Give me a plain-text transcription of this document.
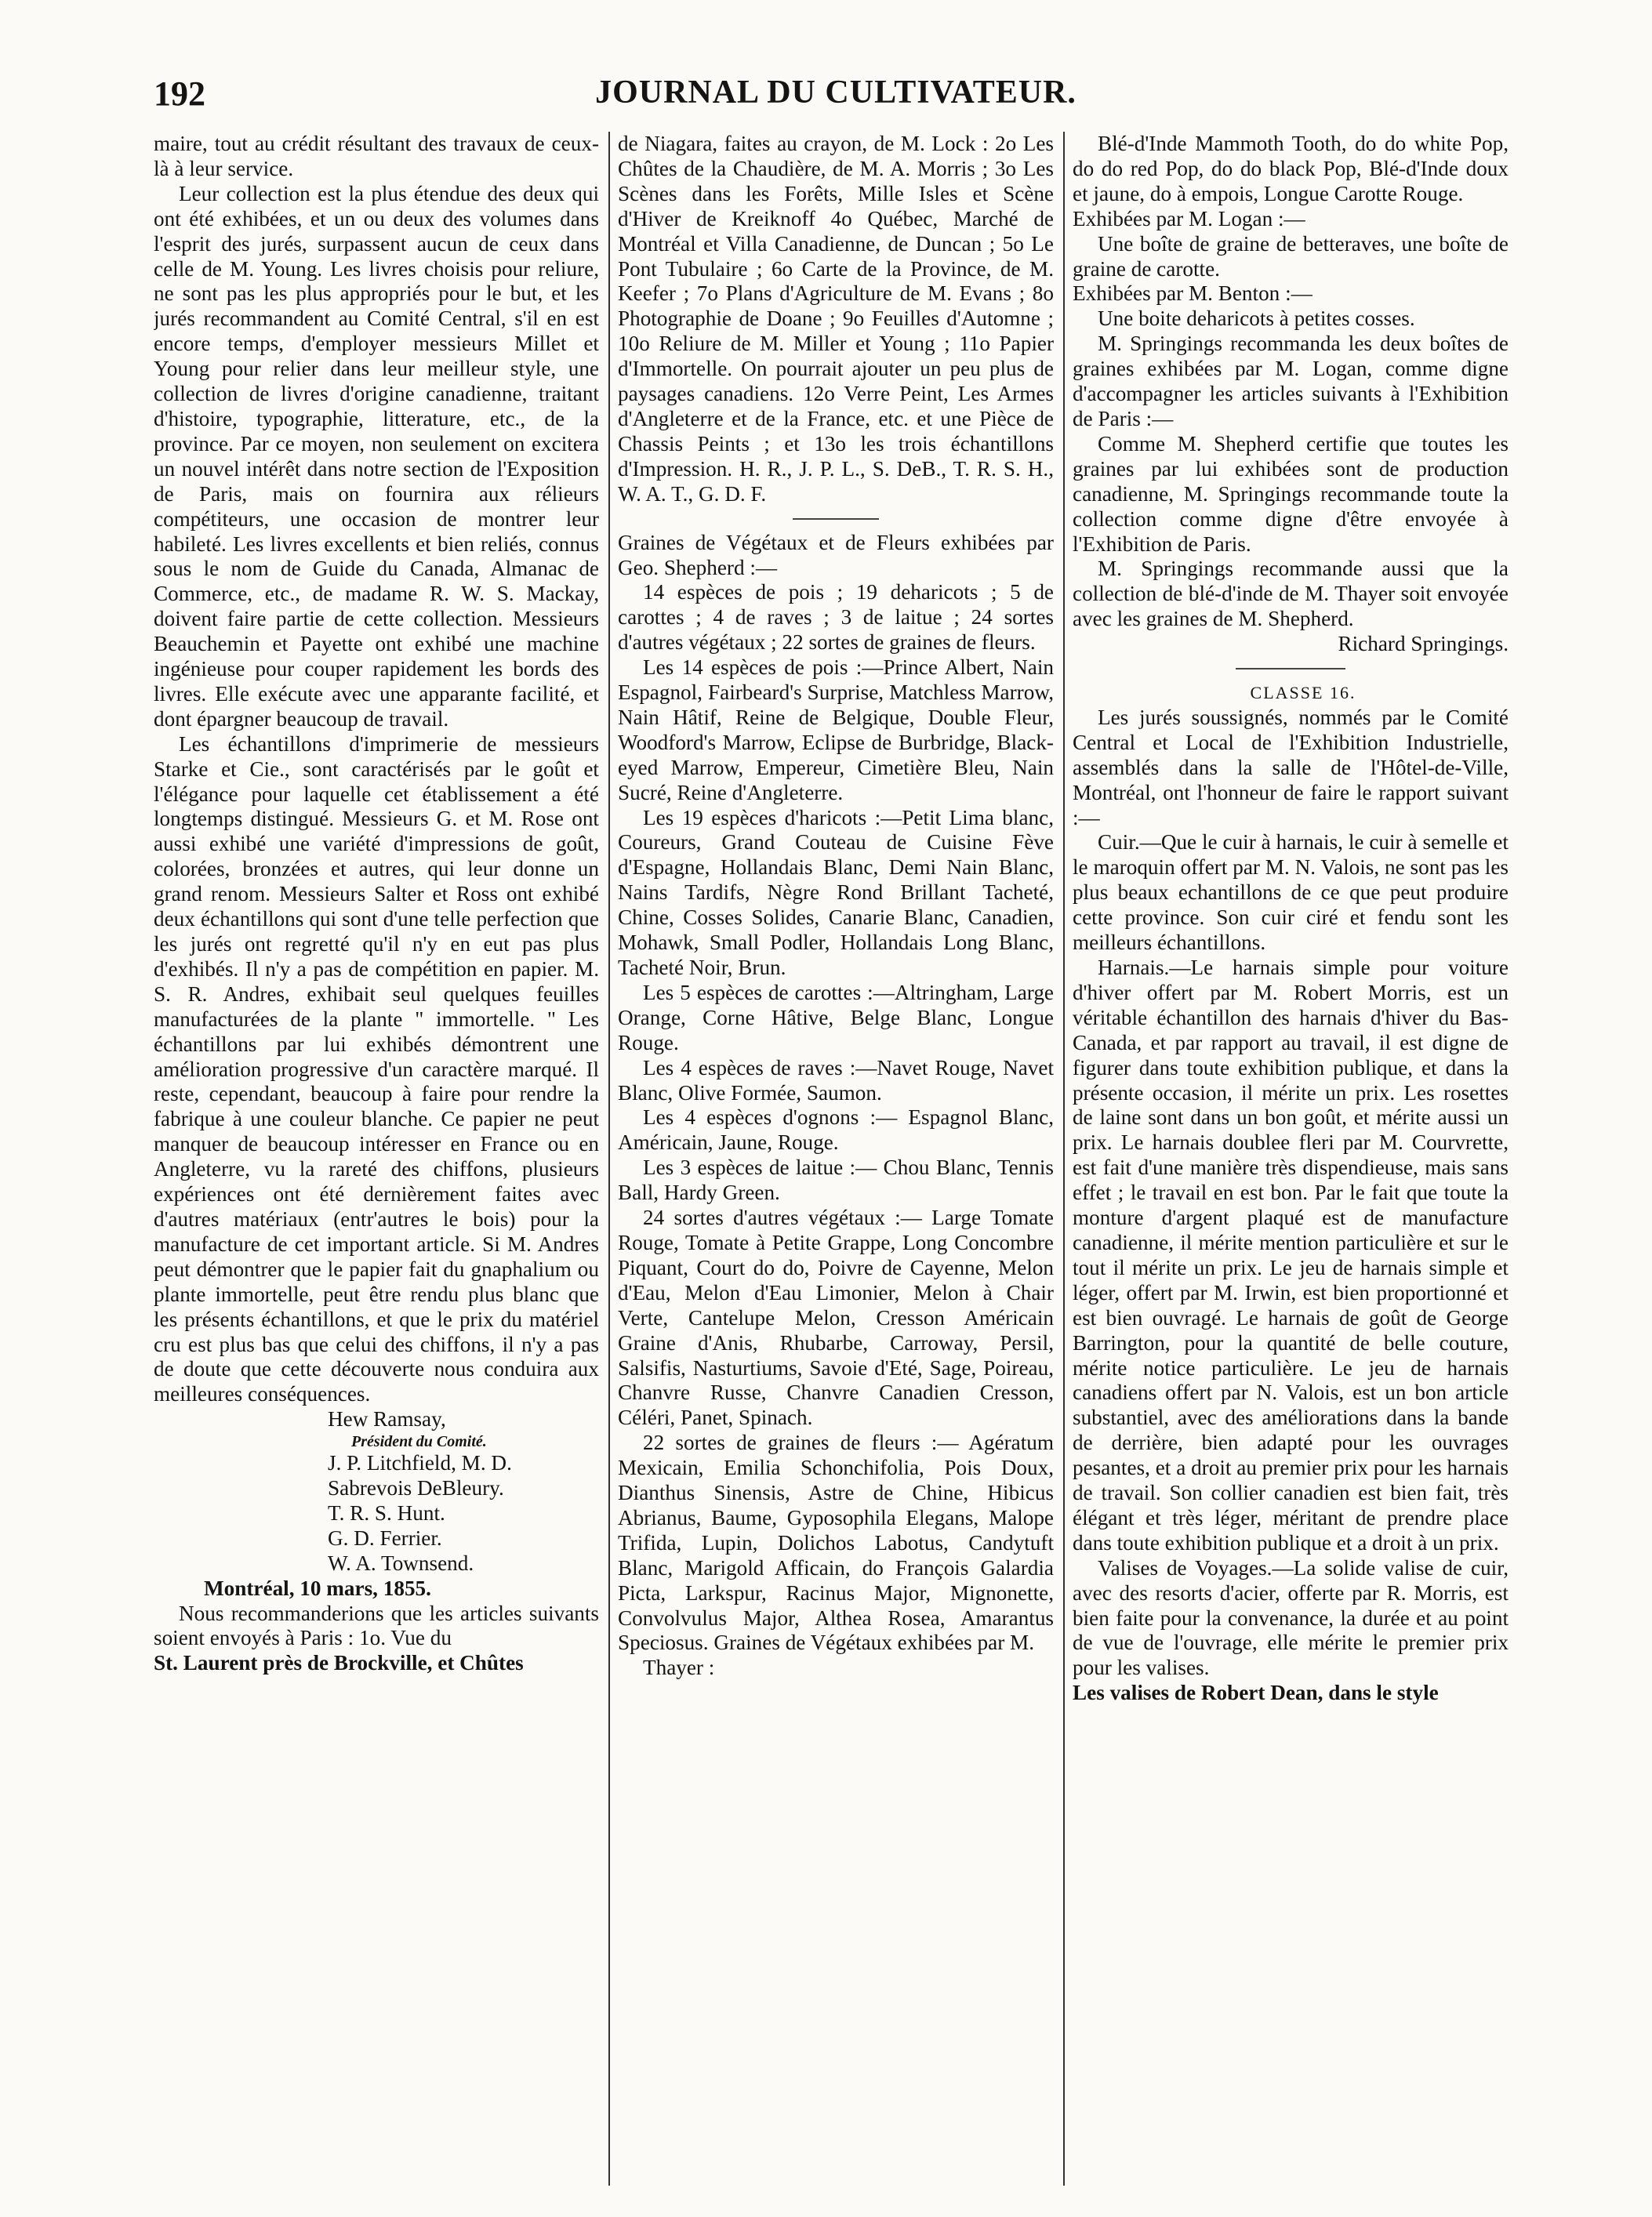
192	JOURNAL DU CULTIVATEUR.

maire, tout au crédit résultant des travaux de ceux-là à leur service.

Leur collection est la plus étendue des deux qui ont été exhibées, et un ou deux des volumes dans l'esprit des jurés, surpassent aucun de ceux dans celle de M. Young. Les livres choisis pour reliure, ne sont pas les plus appropriés pour le but, et les jurés recommandent au Comité Central, s'il en est encore temps, d'employer messieurs Millet et Young pour relier dans leur meilleur style, une collection de livres d'origine canadienne, traitant d'histoire, typographie, litterature, etc., de la province. Par ce moyen, non seulement on excitera un nouvel intérêt dans notre section de l'Exposition de Paris, mais on fournira aux rélieurs compétiteurs, une occasion de montrer leur habileté. Les livres excellents et bien reliés, connus sous le nom de Guide du Canada, Almanac de Commerce, etc., de madame R. W. S. Mackay, doivent faire partie de cette collection. Messieurs Beauchemin et Payette ont exhibé une machine ingénieuse pour couper rapidement les bords des livres. Elle exécute avec une apparante facilité, et dont épargner beaucoup de travail.

Les échantillons d'imprimerie de messieurs Starke et Cie., sont caractérisés par le goût et l'élégance pour laquelle cet établissement a été longtemps distingué. Messieurs G. et M. Rose ont aussi exhibé une variété d'impressions de goût, colorées, bronzées et autres, qui leur donne un grand renom. Messieurs Salter et Ross ont exhibé deux échantillons qui sont d'une telle perfection que les jurés ont regretté qu'il n'y en eut pas plus d'exhibés. Il n'y a pas de compétition en papier. M. S. R. Andres, exhibait seul quelques feuilles manufacturées de la plante " immortelle. " Les échantillons par lui exhibés démontrent une amélioration progressive d'un caractère marqué. Il reste, cependant, beaucoup à faire pour rendre la fabrique à une couleur blanche. Ce papier ne peut manquer de beaucoup intéresser en France ou en Angleterre, vu la rareté des chiffons, plusieurs expériences ont été dernièrement faites avec d'autres matériaux (entr'autres le bois) pour la manufacture de cet important article. Si M. Andres peut démontrer que le papier fait du gnaphalium ou plante immortelle, peut être rendu plus blanc que les présents échantillons, et que le prix du matériel cru est plus bas que celui des chiffons, il n'y a pas de doute que cette découverte nous conduira aux meilleures conséquences.

Hew Ramsay,

Président du Comité.

J. P. Litchfield, M. D.

Sabrevois DeBleury.

T. R. S. Hunt.

G. D. Ferrier.

W. A. Townsend.

Montréal, 10 mars, 1855.

Nous recommanderions que les articles suivants soient envoyés à Paris : 1o. Vue du

St. Laurent près de Brockville, et Chûtes

de Niagara, faites au crayon, de M. Lock : 2o Les Chûtes de la Chaudière, de M. A. Morris ; 3o Les Scènes dans les Forêts, Mille Isles et Scène d'Hiver de Kreiknoff 4o Québec, Marché de Montréal et Villa Canadienne, de Duncan ; 5o Le Pont Tubulaire ; 6o Carte de la Province, de M. Keefer ; 7o Plans d'Agriculture de M. Evans ; 8o Photographie de Doane ; 9o Feuilles d'Automne ; 10o Reliure de M. Miller et Young ; 11o Papier d'Immortelle. On pourrait ajouter un peu plus de paysages canadiens. 12o Verre Peint, Les Armes d'Angleterre et de la France, etc. et une Pièce de Chassis Peints ; et 13o les trois échantillons d'Impression. H. R., J. P. L., S. DeB., T. R. S. H., W. A. T., G. D. F.

Graines de Végétaux et de Fleurs exhibées par Geo. Shepherd :—

14 espèces de pois ; 19 deharicots ; 5 de carottes ; 4 de raves ; 3 de laitue ; 24 sortes d'autres végétaux ; 22 sortes de graines de fleurs.

Les 14 espèces de pois :—Prince Albert, Nain Espagnol, Fairbeard's Surprise, Matchless Marrow, Nain Hâtif, Reine de Belgique, Double Fleur, Woodford's Marrow, Eclipse de Burbridge, Black-eyed Marrow, Empereur, Cimetière Bleu, Nain Sucré, Reine d'Angleterre.

Les 19 espèces d'haricots :—Petit Lima blanc, Coureurs, Grand Couteau de Cuisine Fève d'Espagne, Hollandais Blanc, Demi Nain Blanc, Nains Tardifs, Nègre Rond Brillant Tacheté, Chine, Cosses Solides, Canarie Blanc, Canadien, Mohawk, Small Podler, Hollandais Long Blanc, Tacheté Noir, Brun.

Les 5 espèces de carottes :—Altringham, Large Orange, Corne Hâtive, Belge Blanc, Longue Rouge.

Les 4 espèces de raves :—Navet Rouge, Navet Blanc, Olive Formée, Saumon.

Les 4 espèces d'ognons :— Espagnol Blanc, Américain, Jaune, Rouge.

Les 3 espèces de laitue :— Chou Blanc, Tennis Ball, Hardy Green.

24 sortes d'autres végétaux :— Large Tomate Rouge, Tomate à Petite Grappe, Long Concombre Piquant, Court do do, Poivre de Cayenne, Melon d'Eau, Melon d'Eau Limonier, Melon à Chair Verte, Cantelupe Melon, Cresson Américain Graine d'Anis, Rhubarbe, Carroway, Persil, Salsifis, Nasturtiums, Savoie d'Eté, Sage, Poireau, Chanvre Russe, Chanvre Canadien Cresson, Céléri, Panet, Spinach.

22 sortes de graines de fleurs :— Agératum Mexicain, Emilia Schonchifolia, Pois Doux, Dianthus Sinensis, Astre de Chine, Hibicus Abrianus, Baume, Gyposophila Elegans, Malope Trifida, Lupin, Dolichos Labotus, Candytuft Blanc, Marigold Afficain, do François Galardia Picta, Larkspur, Racinus Major, Mignonette, Convolvulus Major, Althea Rosea, Amarantus Speciosus. Graines de Végétaux exhibées par M.

Thayer :

Blé-d'Inde Mammoth Tooth, do do white Pop, do do red Pop, do do black Pop, Blé-d'Inde doux et jaune, do à empois, Longue Carotte Rouge.

Exhibées par M. Logan :—

Une boîte de graine de betteraves, une boîte de graine de carotte.

Exhibées par M. Benton :—

Une boite deharicots à petites cosses.

M. Springings recommanda les deux boîtes de graines exhibées par M. Logan, comme digne d'accompagner les articles suivants à l'Exhibition de Paris :—

Comme M. Shepherd certifie que toutes les graines par lui exhibées sont de production canadienne, M. Springings recommande toute la collection comme digne d'être envoyée à l'Exhibition de Paris.

M. Springings recommande aussi que la collection de blé-d'inde de M. Thayer soit envoyée avec les graines de M. Shepherd.

Richard Springings.

CLASSE 16.

Les jurés soussignés, nommés par le Comité Central et Local de l'Exhibition Industrielle, assemblés dans la salle de l'Hôtel-de-Ville, Montréal, ont l'honneur de faire le rapport suivant :—

Cuir.—Que le cuir à harnais, le cuir à semelle et le maroquin offert par M. N. Valois, ne sont pas les plus beaux echantillons de ce que peut produire cette province. Son cuir ciré et fendu sont les meilleurs échantillons.

Harnais.—Le harnais simple pour voiture d'hiver offert par M. Robert Morris, est un véritable échantillon des harnais d'hiver du Bas-Canada, et par rapport au travail, il est digne de figurer dans toute exhibition publique, et dans la présente occasion, il mérite un prix. Les rosettes de laine sont dans un bon goût, et mérite aussi un prix. Le harnais doublee fleri par M. Courvrette, est fait d'une manière très dispendieuse, mais sans effet ; le travail en est bon. Par le fait que toute la monture d'argent plaqué est de manufacture canadienne, il mérite mention particulière et sur le tout il mérite un prix. Le jeu de harnais simple et léger, offert par M. Irwin, est bien proportionné et est bien ouvragé. Le harnais de goût de George Barrington, pour la quantité de belle couture, mérite notice particulière. Le jeu de harnais canadiens offert par N. Valois, est un bon article substantiel, avec des améliorations dans la bande de derrière, bien adapté pour les ouvrages pesantes, et a droit au premier prix pour les harnais de travail. Son collier canadien est bien fait, très élégant et très léger, méritant de prendre place dans toute exhibition publique et a droit à un prix.

Valises de Voyages.—La solide valise de cuir, avec des resorts d'acier, offerte par R. Morris, est bien faite pour la convenance, la durée et au point de vue de l'ouvrage, elle mérite le premier prix pour les valises.

Les valises de Robert Dean, dans le style
